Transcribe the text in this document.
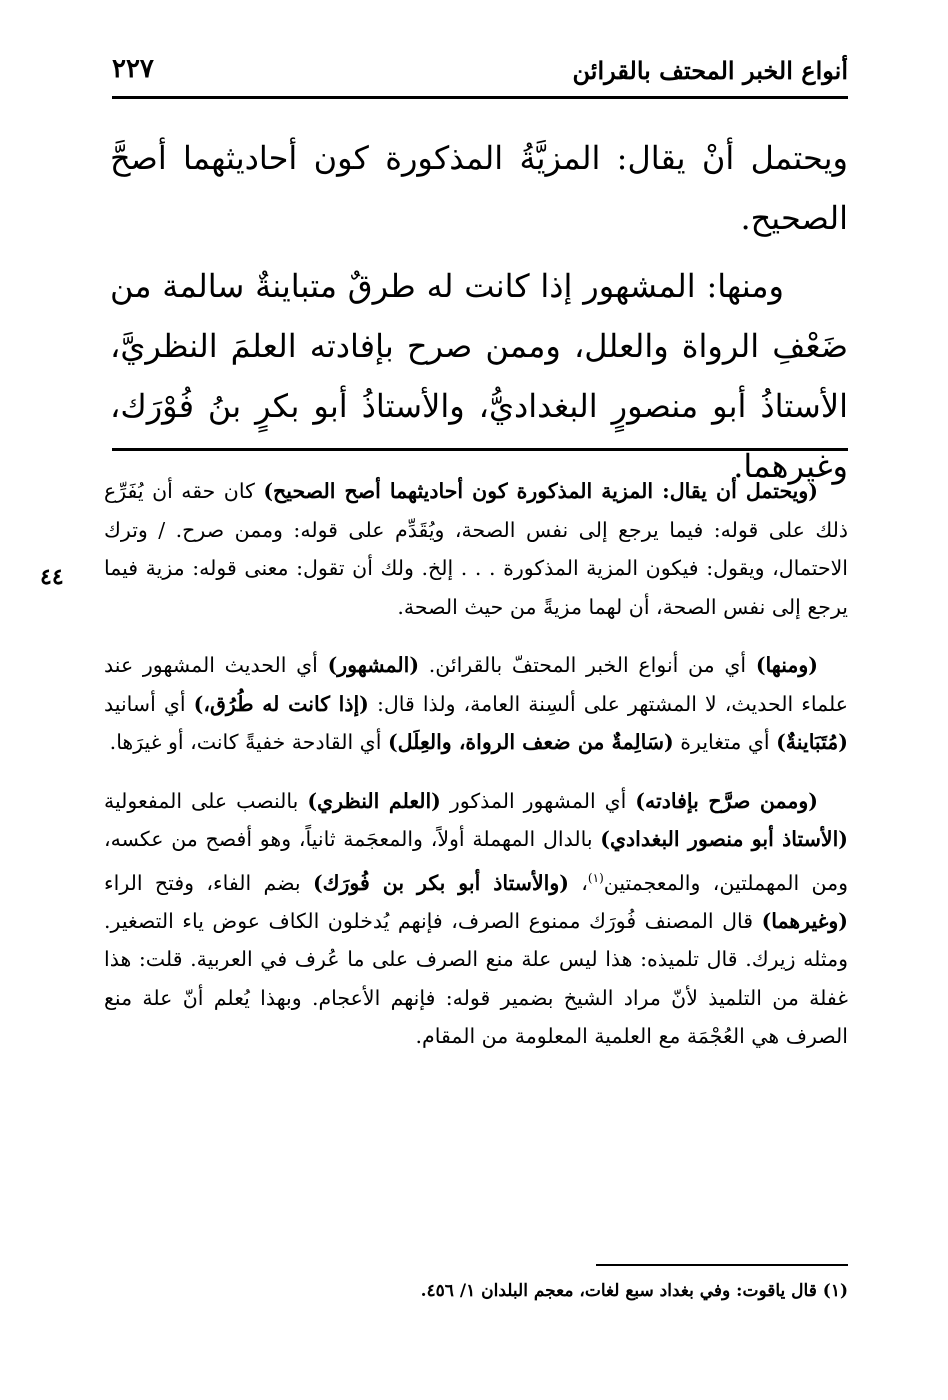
أنواع الخبر المحتف بالقرائن
٢٢٧

ويحتمل أنْ يقال: المزيَّةُ المذكورة كون أحاديثهما أصحَّ الصحيح.

ومنها: المشهور إذا كانت له طرقٌ متباينةٌ سالمة من ضَعْفِ الرواة والعلل، وممن صرح بإفادته العلمَ النظريَّ، الأستاذُ أبو منصورٍ البغداديُّ، والأستاذُ أبو بكرٍ بنُ فُوْرَك، وغيرهما.

٤٤

(ويحتمل أن يقال: المزية المذكورة كون أحاديثهما أصح الصحيح) كان حقه أن يُفَرِّع ذلك على قوله: فيما يرجع إلى نفس الصحة، ويُقَدِّم على قوله: وممن صرح. / وترك الاحتمال، ويقول: فيكون المزية المذكورة . . . إلخ. ولك أن تقول: معنى قوله: مزية فيما يرجع إلى نفس الصحة، أن لهما مزيةً من حيث الصحة.

(ومنها) أي من أنواع الخبر المحتفّ بالقرائن. (المشهور) أي الحديث المشهور عند علماء الحديث، لا المشتهر على ألسِنة العامة، ولذا قال: (إذا كانت له طُرُق،) أي أسانيد (مُتَبَاينةٌ) أي متغايرة (سَالِمةٌ من ضعف الرواة، والعِلَل) أي القادحة خفيةً كانت، أو غيرَها.

(وممن صرَّح بإفادته) أي المشهور المذكور (العلم النظري) بالنصب على المفعولية (الأستاذ أبو منصور البغدادي) بالدال المهملة أولاً، والمعجَمة ثانياً، وهو أفصح من عكسه، ومن المهملتين، والمعجمتين$^{(١)}$، (والأستاذ أبو بكر بن فُورَك) بضم الفاء، وفتح الراء (وغيرهما) قال المصنف فُورَك ممنوع الصرف، فإنهم يُدخلون الكاف عوض ياء التصغير. ومثله زيرك. قال تلميذه: هذا ليس علة منع الصرف على ما عُرف في العربية. قلت: هذا غفلة من التلميذ لأنّ مراد الشيخ بضمير قوله: فإنهم الأعجام. وبهذا يُعلم أنّ علة منع الصرف هي العُجْمَة مع العلمية المعلومة من المقام.

(١) قال ياقوت: وفي بغداد سبع لغات، معجم البلدان ١/ ٤٥٦.
